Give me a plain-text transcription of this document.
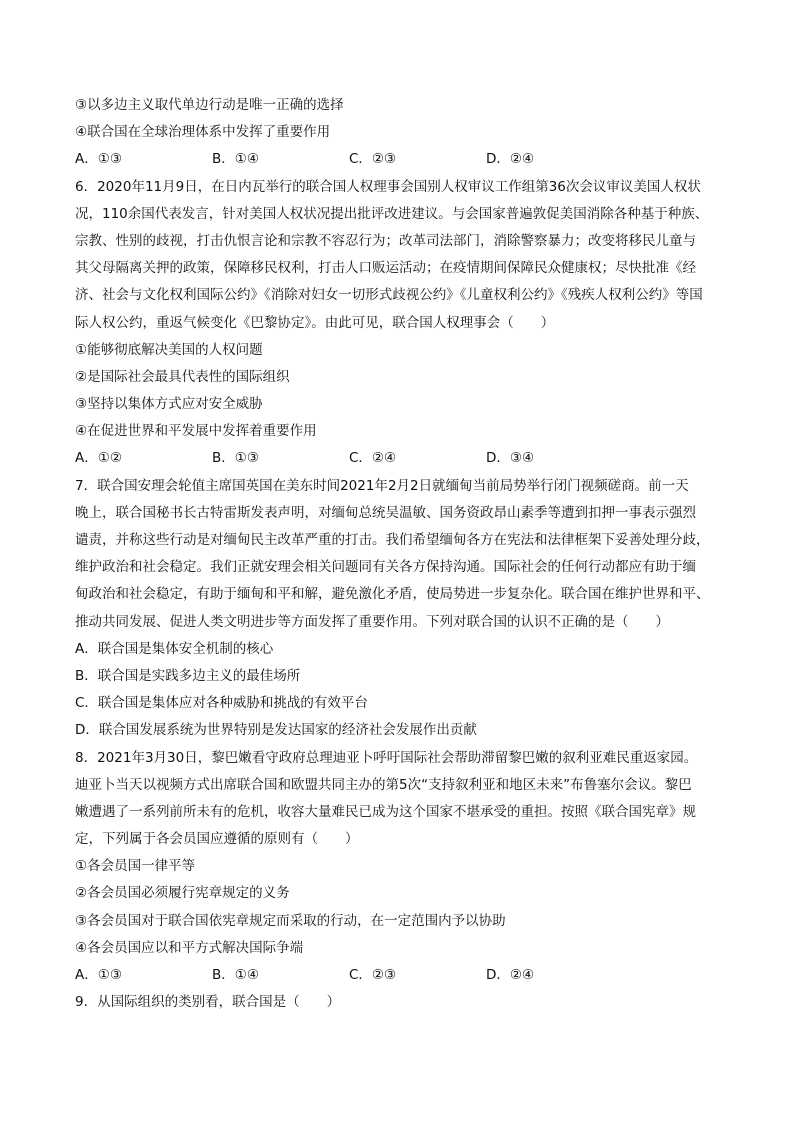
③以多边主义取代单边行动是唯一正确的选择
④联合国在全球治理体系中发挥了重要作用
A．①③	B．①④	C．②③	D．②④
6．2020年11月9日，在日内瓦举行的联合国人权理事会国别人权审议工作组第36次会议审议美国人权状
况，110余国代表发言，针对美国人权状况提出批评改进建议。与会国家普遍敦促美国消除各种基于种族、
宗教、性别的歧视，打击仇恨言论和宗教不容忍行为；改革司法部门，消除警察暴力；改变将移民儿童与
其父母隔离关押的政策，保障移民权利，打击人口贩运活动；在疫情期间保障民众健康权；尽快批准《经
济、社会与文化权利国际公约》《消除对妇女一切形式歧视公约》《儿童权利公约》《残疾人权利公约》等国
际人权公约，重返气候变化《巴黎协定》。由此可见，联合国人权理事会（　　）
①能够彻底解决美国的人权问题
②是国际社会最具代表性的国际组织
③坚持以集体方式应对安全威胁
④在促进世界和平发展中发挥着重要作用
A．①②	B．①③	C．②④	D．③④
7．联合国安理会轮值主席国英国在美东时间2021年2月2日就缅甸当前局势举行闭门视频磋商。前一天
晚上，联合国秘书长古特雷斯发表声明，对缅甸总统吴温敏、国务资政昂山素季等遭到扣押一事表示强烈
谴责，并称这些行动是对缅甸民主改革严重的打击。我们希望缅甸各方在宪法和法律框架下妥善处理分歧，
维护政治和社会稳定。我们正就安理会相关问题同有关各方保持沟通。国际社会的任何行动都应有助于缅
甸政治和社会稳定，有助于缅甸和平和解，避免激化矛盾，使局势进一步复杂化。联合国在维护世界和平、
推动共同发展、促进人类文明进步等方面发挥了重要作用。下列对联合国的认识不正确的是（　　）
A．联合国是集体安全机制的核心
B．联合国是实践多边主义的最佳场所
C．联合国是集体应对各种威胁和挑战的有效平台
D．联合国发展系统为世界特别是发达国家的经济社会发展作出贡献
8．2021年3月30日，黎巴嫩看守政府总理迪亚卜呼吁国际社会帮助滞留黎巴嫩的叙利亚难民重返家园。
迪亚卜当天以视频方式出席联合国和欧盟共同主办的第5次“支持叙利亚和地区未来”布鲁塞尔会议。黎巴
嫩遭遇了一系列前所未有的危机，收容大量难民已成为这个国家不堪承受的重担。按照《联合国宪章》规
定，下列属于各会员国应遵循的原则有（　　）
①各会员国一律平等
②各会员国必须履行宪章规定的义务
③各会员国对于联合国依宪章规定而采取的行动，在一定范围内予以协助
④各会员国应以和平方式解决国际争端
A．①③	B．①④	C．②③	D．②④
9．从国际组织的类别看，联合国是（　　）
